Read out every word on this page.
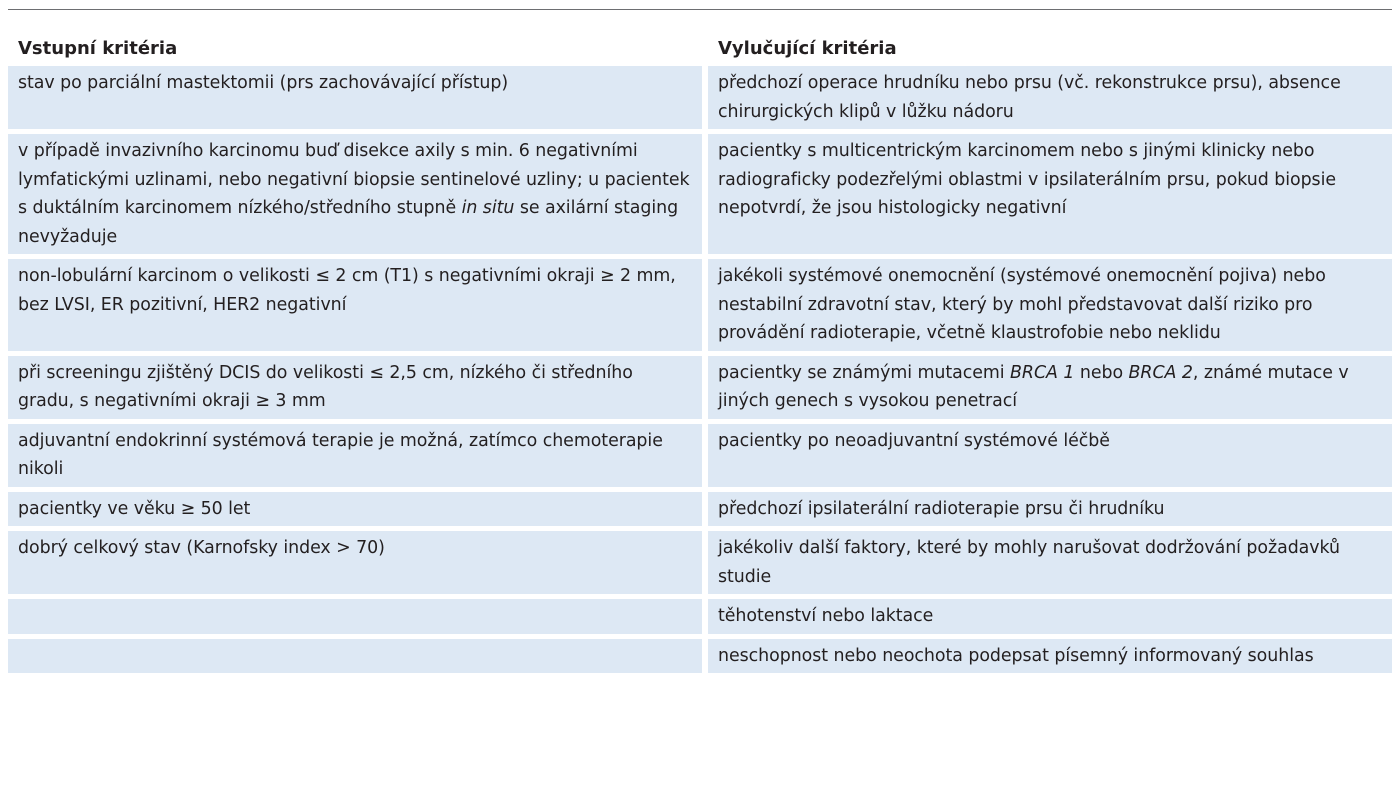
Vstupní kritéria		Vylučující kritéria
stav po parciální mastektomii (prs zachovávající přístup)		předchozí operace hrudníku nebo prsu (vč. rekonstrukce prsu), absence chirurgických klipů v lůžku nádoru
v případě invazivního karcinomu buď disekce axily s min. 6 negativními lymfatickými uzlinami, nebo negativní biopsie sentinelové uzliny; u pacientek s duktálním karcinomem nízkého/středního stupně in situ se axilární staging nevyžaduje		pacientky s multicentrickým karcinomem nebo s jinými klinicky nebo radiograficky podezřelými oblastmi v ipsilaterálním prsu, pokud biopsie nepotvrdí, že jsou histologicky negativní
non-lobulární karcinom o velikosti ≤ 2 cm (T1) s negativními okraji ≥ 2 mm, bez LVSI, ER pozitivní, HER2 negativní		jakékoli systémové onemocnění (systémové onemocnění pojiva) nebo nestabilní zdravotní stav, který by mohl představovat další riziko pro provádění radioterapie, včetně klaustrofobie nebo neklidu
při screeningu zjištěný DCIS do velikosti ≤ 2,5 cm, nízkého či středního gradu, s negativními okraji ≥ 3 mm		pacientky se známými mutacemi BRCA 1 nebo BRCA 2, známé mutace v jiných genech s vysokou penetrací
adjuvantní endokrinní systémová terapie je možná, zatímco chemoterapie nikoli		pacientky po neoadjuvantní systémové léčbě
pacientky ve věku ≥ 50 let		předchozí ipsilaterální radioterapie prsu či hrudníku
dobrý celkový stav (Karnofsky index > 70)		jakékoliv další faktory, které by mohly narušovat dodržování požadavků studie
		těhotenství nebo laktace
		neschopnost nebo neochota podepsat písemný informovaný souhlas
